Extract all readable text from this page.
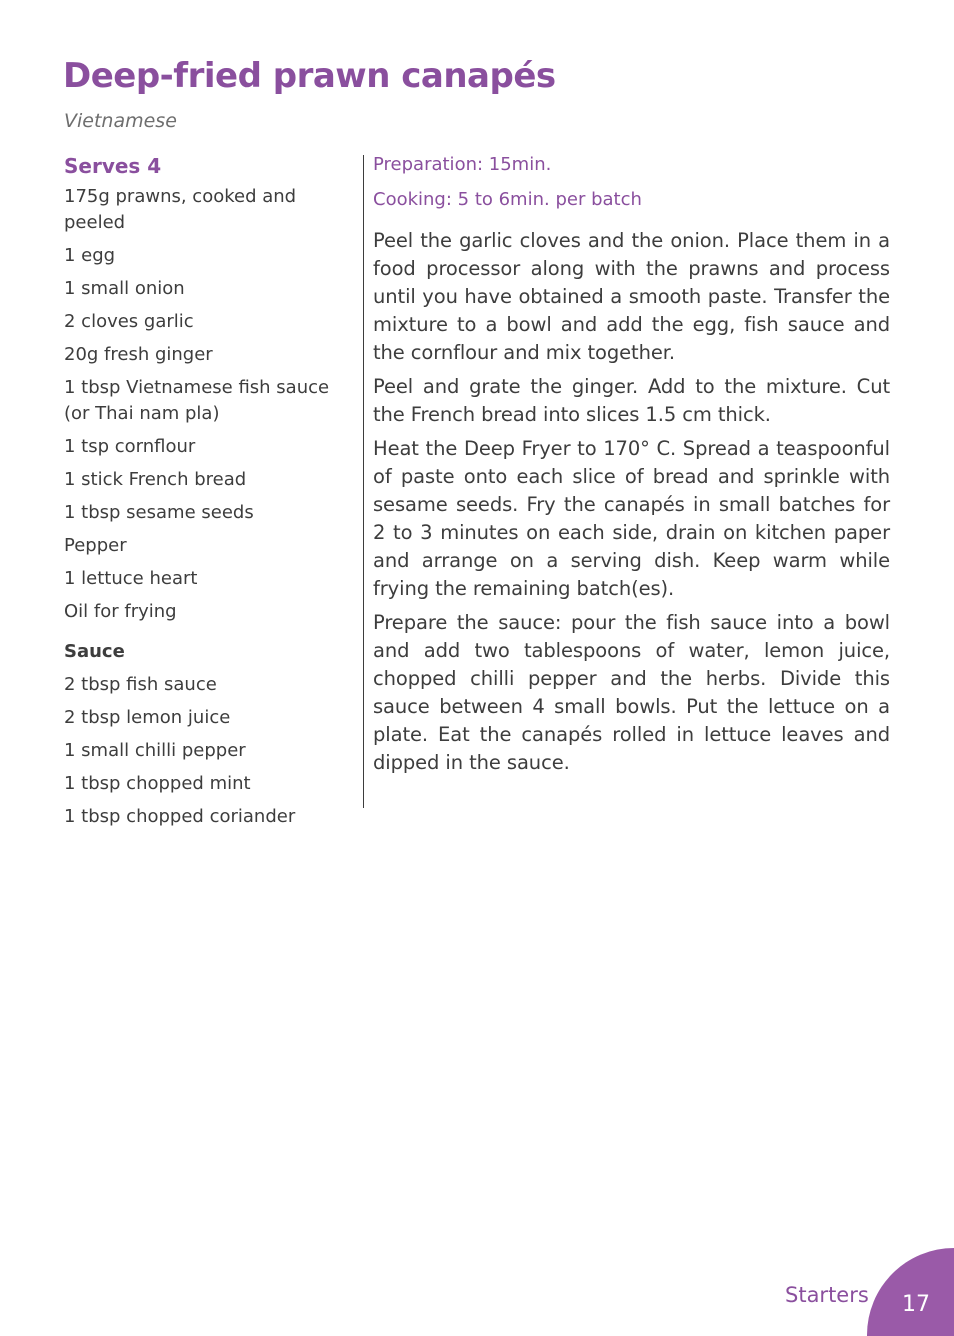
Deep-fried prawn canapés
Vietnamese
Serves 4
175g prawns, cooked and peeled
1 egg
1 small onion
2 cloves garlic
20g fresh ginger
1 tbsp Vietnamese fish sauce (or Thai nam pla)
1 tsp cornflour
1 stick French bread
1 tbsp sesame seeds
Pepper
1 lettuce heart
Oil for frying
Sauce
2 tbsp fish sauce
2 tbsp lemon juice
1 small chilli pepper
1 tbsp chopped mint
1 tbsp chopped coriander
Preparation: 15min.
Cooking: 5 to 6min. per batch

Peel the garlic cloves and the onion. Place them in a food processor along with the prawns and process until you have obtained a smooth paste. Transfer the mixture to a bowl and add the egg, fish sauce and the cornflour and mix together.

Peel and grate the ginger. Add to the mixture. Cut the French bread into slices 1.5 cm thick.

Heat the Deep Fryer to 170° C. Spread a teaspoonful of paste onto each slice of bread and sprinkle with sesame seeds. Fry the canapés in small batches for 2 to 3 minutes on each side, drain on kitchen paper and arrange on a serving dish. Keep warm while frying the remaining batch(es).

Prepare the sauce: pour the fish sauce into a bowl and add two tablespoons of water, lemon juice, chopped chilli pepper and the herbs. Divide this sauce between 4 small bowls. Put the lettuce on a plate. Eat the canapés rolled in lettuce leaves and dipped in the sauce.

Starters 17
